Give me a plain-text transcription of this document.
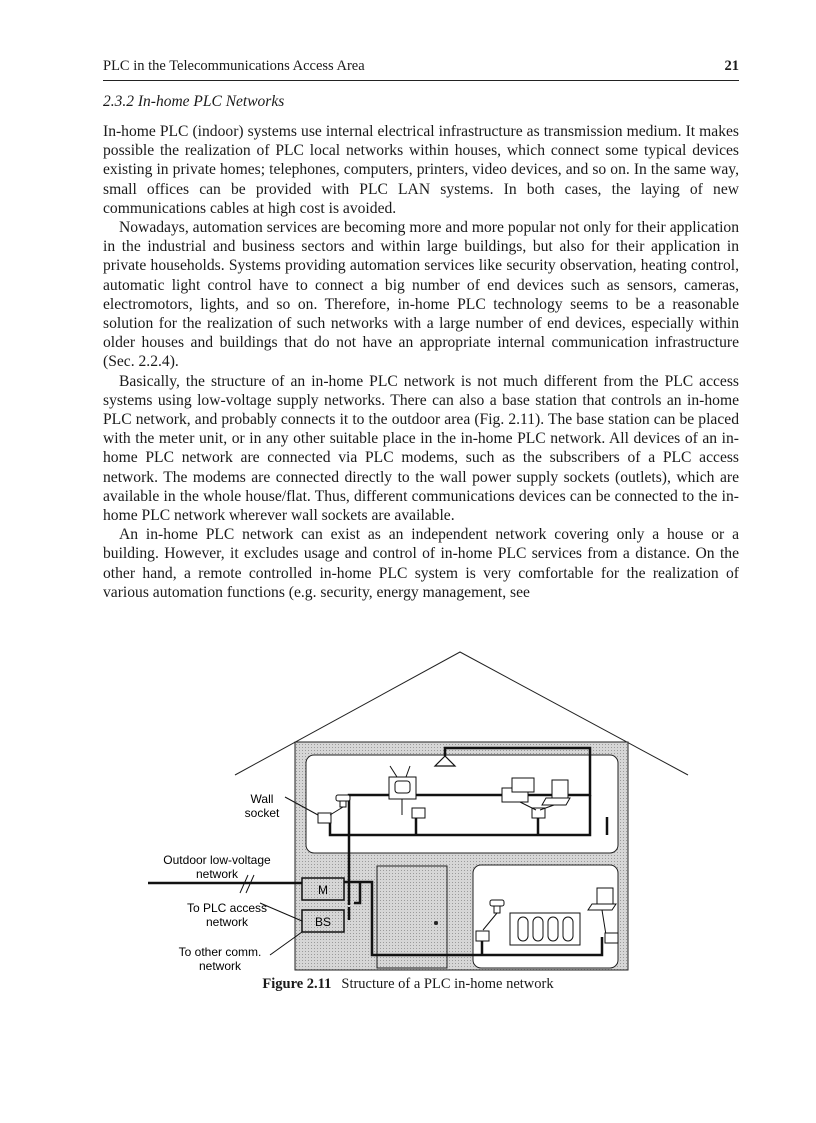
PLC in the Telecommunications Access Area	21
2.3.2 In-home PLC Networks

In-home PLC (indoor) systems use internal electrical infrastructure as transmission medium. It makes possible the realization of PLC local networks within houses, which connect some typical devices existing in private homes; telephones, computers, printers, video devices, and so on. In the same way, small offices can be provided with PLC LAN systems. In both cases, the laying of new communications cables at high cost is avoided.

Nowadays, automation services are becoming more and more popular not only for their application in the industrial and business sectors and within large buildings, but also for their application in private households. Systems providing automation services like security observation, heating control, automatic light control have to connect a big number of end devices such as sensors, cameras, electromotors, lights, and so on. Therefore, in-home PLC technology seems to be a reasonable solution for the realization of such networks with a large number of end devices, especially within older houses and buildings that do not have an appropriate internal communication infrastructure (Sec. 2.2.4).

Basically, the structure of an in-home PLC network is not much different from the PLC access systems using low-voltage supply networks. There can also a base station that controls an in-home PLC network, and probably connects it to the outdoor area (Fig. 2.11). The base station can be placed with the meter unit, or in any other suitable place in the in-home PLC network. All devices of an in-home PLC network are connected via PLC modems, such as the subscribers of a PLC access network. The modems are connected directly to the wall power supply sockets (outlets), which are available in the whole house/flat. Thus, different communications devices can be connected to the in-home PLC network wherever wall sockets are available.

An in-home PLC network can exist as an independent network covering only a house or a building. However, it excludes usage and control of in-home PLC services from a distance. On the other hand, a remote controlled in-home PLC system is very comfortable for the realization of various automation functions (e.g. security, energy management, see

M
BS
Wall
socket
Outdoor low-voltage
network
To PLC access
network
To other comm.
network
Figure 2.11 Structure of a PLC in-home network
